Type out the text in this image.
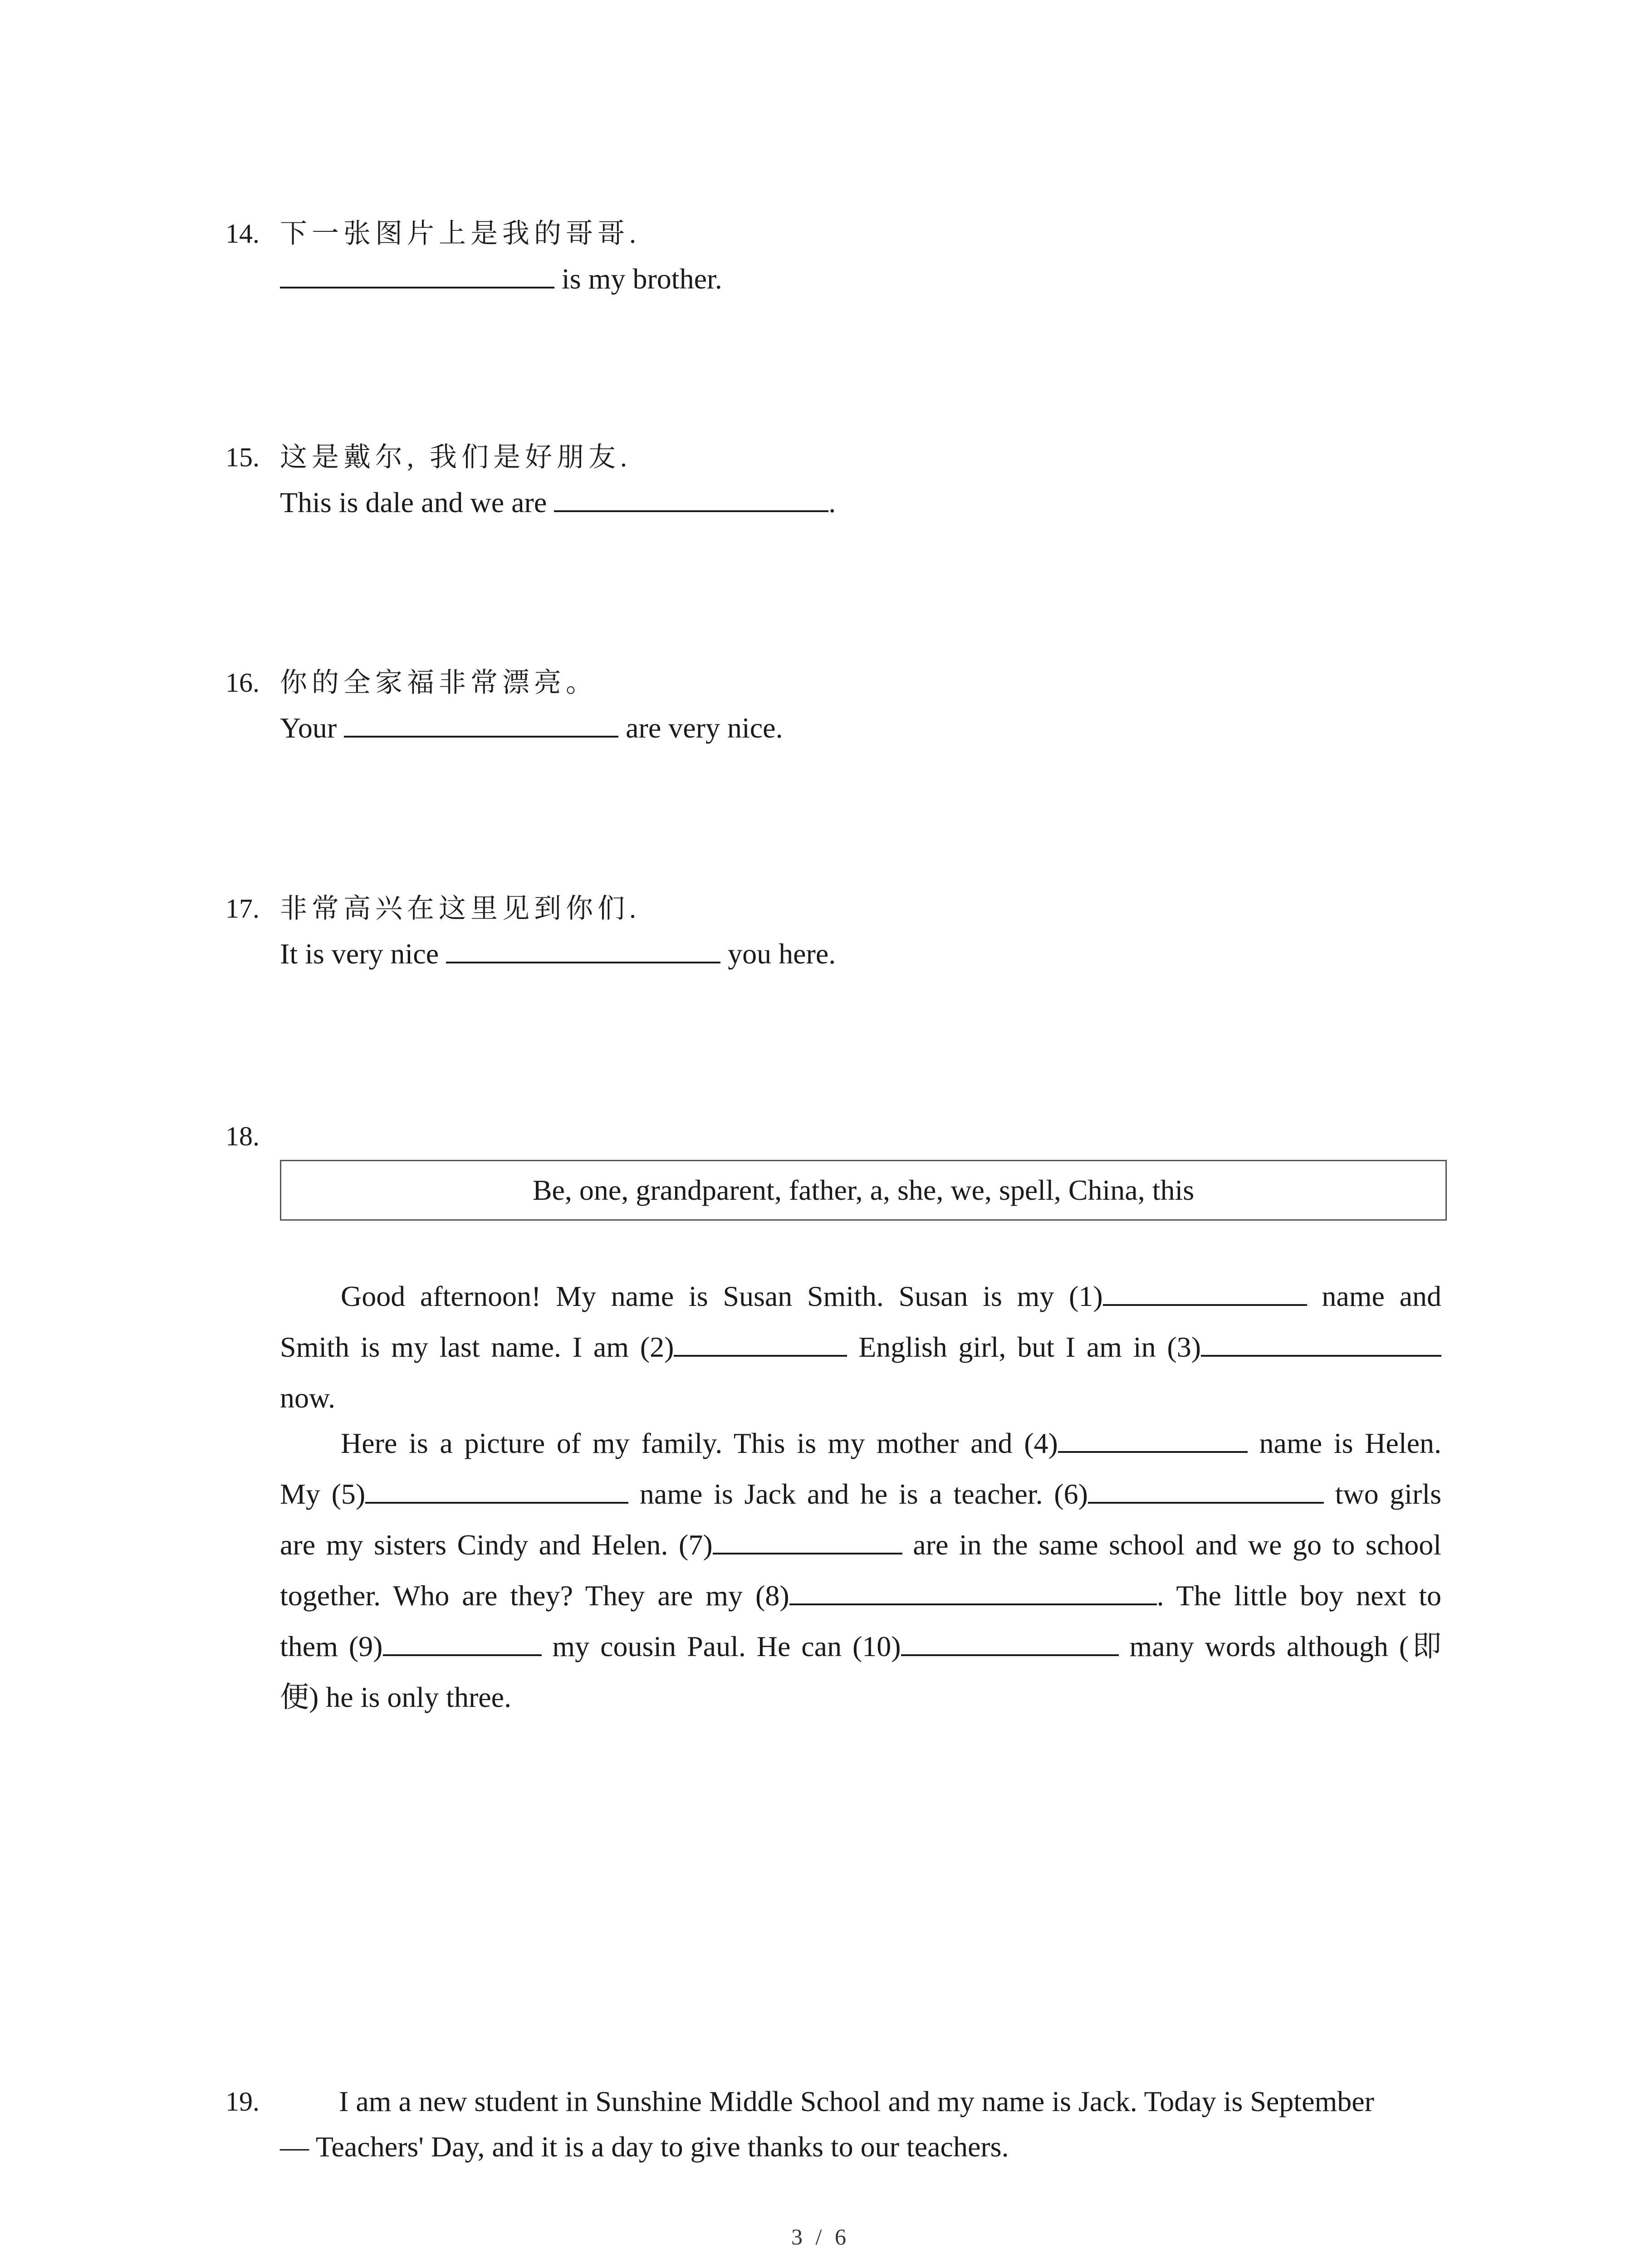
14. 下一张图片上是我的哥哥.
is my brother.
15. 这是戴尔, 我们是好朋友.
This is dale and we are	.
16. 你的全家福非常漂亮。
Your	are very nice.
17. 非常高兴在这里见到你们.
It is very nice	you here.
18.
Be, one, grandparent, father, a, she, we, spell, China, this
Good afternoon! My name is Susan Smith. Susan is my (1)	name and
Smith is my last name. I am (2)	English girl, but I am in (3)
now.
Here is a picture of my family. This is my mother and (4)	name is Helen.
My (5)	name is Jack and he is a teacher. (6)	two girls
are my sisters Cindy and Helen. (7)	are in the same school and we go to school
together. Who are they? They are my (8)	. The little boy next to
them (9)	my cousin Paul. He can (10)	many words although (即
便) he is only three.
19.	I am a new student in Sunshine Middle School and my name is Jack. Today is September
— Teachers' Day, and it is a day to give thanks to our teachers.
3 / 6
